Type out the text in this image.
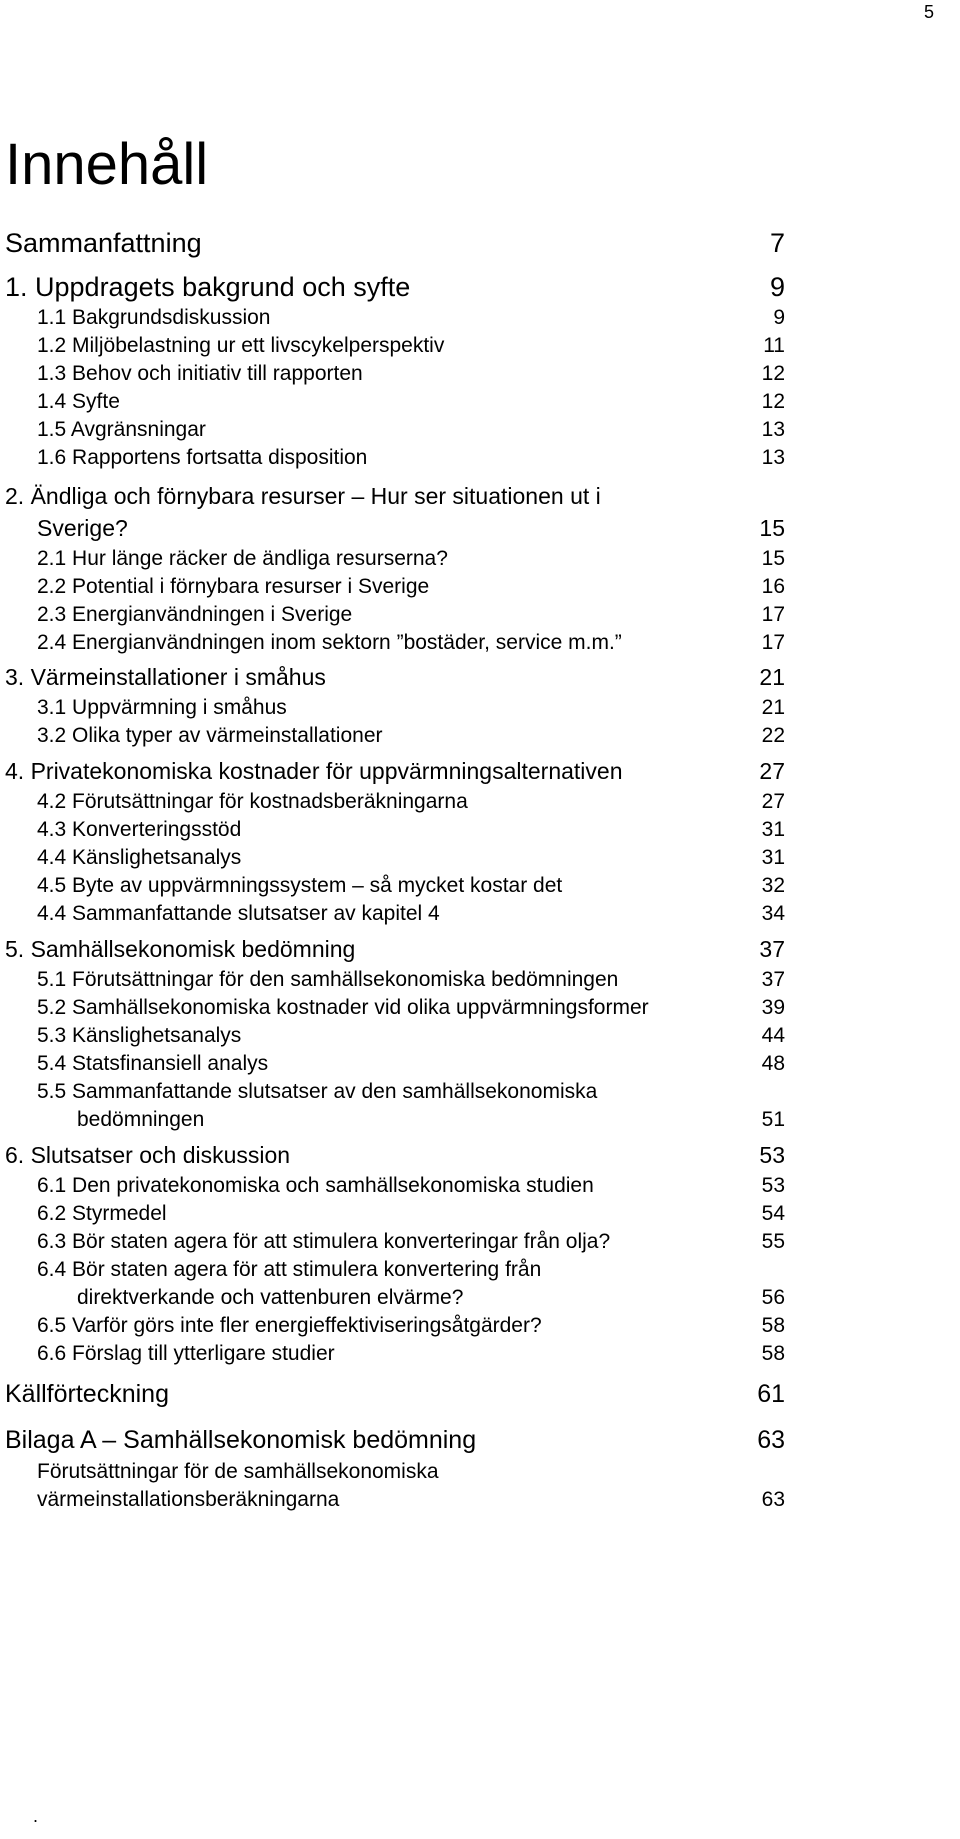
5
Innehåll
Sammanfattning	7
1. Uppdragets bakgrund och syfte	9
1.1 Bakgrundsdiskussion	9
1.2 Miljöbelastning ur ett livscykelperspektiv	11
1.3 Behov och initiativ till rapporten	12
1.4 Syfte	12
1.5 Avgränsningar	13
1.6 Rapportens fortsatta disposition	13
2. Ändliga och förnybara resurser – Hur ser situationen ut i
Sverige?	15
2.1 Hur länge räcker de ändliga resurserna?	15
2.2 Potential i förnybara resurser i Sverige	16
2.3 Energianvändningen i Sverige	17
2.4 Energianvändningen inom sektorn ”bostäder, service m.m.”	17
3. Värmeinstallationer i småhus	21
3.1 Uppvärmning i småhus	21
3.2 Olika typer av värmeinstallationer	22
4. Privatekonomiska kostnader för uppvärmningsalternativen	27
4.2 Förutsättningar för kostnadsberäkningarna	27
4.3 Konverteringsstöd	31
4.4 Känslighetsanalys	31
4.5 Byte av uppvärmningssystem – så mycket kostar det	32
4.4 Sammanfattande slutsatser av kapitel 4	34
5. Samhällsekonomisk bedömning	37
5.1 Förutsättningar för den samhällsekonomiska bedömningen	37
5.2 Samhällsekonomiska kostnader vid olika uppvärmningsformer	39
5.3 Känslighetsanalys	44
5.4 Statsfinansiell analys	48
5.5 Sammanfattande slutsatser av den samhällsekonomiska
bedömningen	51
6. Slutsatser och diskussion	53
6.1 Den privatekonomiska och samhällsekonomiska studien	53
6.2 Styrmedel	54
6.3 Bör staten agera för att stimulera konverteringar från olja?	55
6.4 Bör staten agera för att stimulera konvertering från
direktverkande och vattenburen elvärme?	56
6.5 Varför görs inte fler energieffektiviseringsåtgärder?	58
6.6 Förslag till ytterligare studier	58
Källförteckning	61
Bilaga A – Samhällsekonomisk bedömning	63
Förutsättningar för de samhällsekonomiska
värmeinstallationsberäkningarna	63
.
